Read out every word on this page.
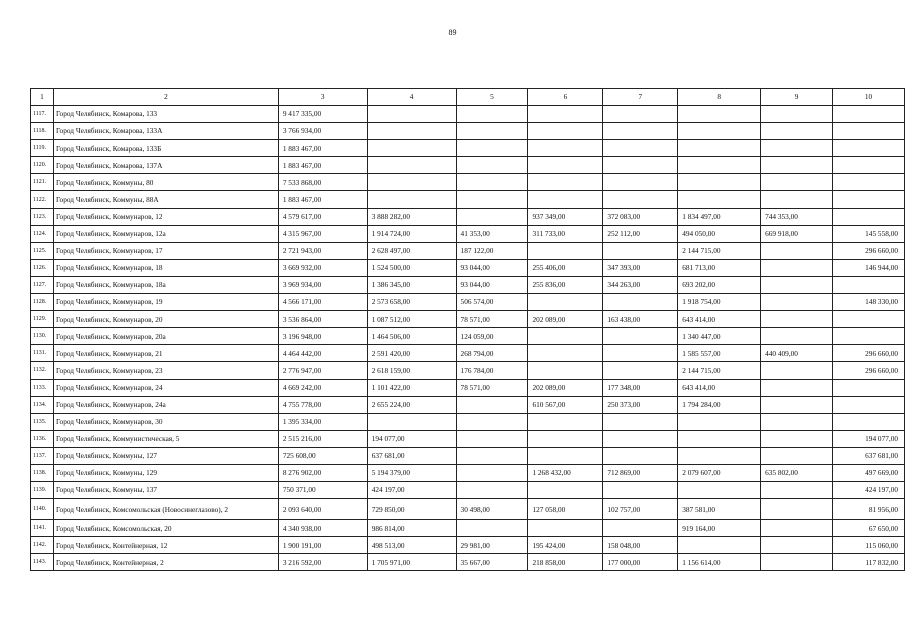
89
1	2	3	4	5	6	7	8	9	10
1117.	Город Челябинск, Комарова, 133	9 417 335,00							
1118.	Город Челябинск, Комарова, 133А	3 766 934,00							
1119.	Город Челябинск, Комарова, 133Б	1 883 467,00							
1120.	Город Челябинск, Комарова, 137А	1 883 467,00							
1121.	Город Челябинск, Коммуны, 80	7 533 868,00							
1122.	Город Челябинск, Коммуны, 88А	1 883 467,00							
1123.	Город Челябинск, Коммунаров, 12	4 579 617,00	3 888 282,00		937 349,00	372 083,00	1 834 497,00	744 353,00	
1124.	Город Челябинск, Коммунаров, 12а	4 315 967,00	1 914 724,00	41 353,00	311 733,00	252 112,00	494 050,00	669 918,00	145 558,00
1125.	Город Челябинск, Коммунаров, 17	2 721 943,00	2 628 497,00	187 122,00			2 144 715,00		296 660,00
1126.	Город Челябинск, Коммунаров, 18	3 669 932,00	1 524 500,00	93 044,00	255 406,00	347 393,00	681 713,00		146 944,00
1127.	Город Челябинск, Коммунаров, 18а	3 969 934,00	1 386 345,00	93 044,00	255 836,00	344 263,00	693 202,00		
1128.	Город Челябинск, Коммунаров, 19	4 566 171,00	2 573 658,00	506 574,00			1 918 754,00		148 330,00
1129.	Город Челябинск, Коммунаров, 20	3 536 864,00	1 087 512,00	78 571,00	202 089,00	163 438,00	643 414,00		
1130.	Город Челябинск, Коммунаров, 20а	3 196 948,00	1 464 506,00	124 059,00			1 340 447,00		
1131.	Город Челябинск, Коммунаров, 21	4 464 442,00	2 591 420,00	268 794,00			1 585 557,00	440 409,00	296 660,00
1132.	Город Челябинск, Коммунаров, 23	2 776 947,00	2 618 159,00	176 784,00			2 144 715,00		296 660,00
1133.	Город Челябинск, Коммунаров, 24	4 669 242,00	1 101 422,00	78 571,00	202 089,00	177 348,00	643 414,00		
1134.	Город Челябинск, Коммунаров, 24а	4 755 778,00	2 655 224,00		610 567,00	250 373,00	1 794 284,00		
1135.	Город Челябинск, Коммунаров, 30	1 395 334,00							
1136.	Город Челябинск, Коммунистическая, 5	2 515 216,00	194 077,00						194 077,00
1137.	Город Челябинск, Коммуны, 127	725 608,00	637 681,00						637 681,00
1138.	Город Челябинск, Коммуны, 129	8 276 902,00	5 194 379,00		1 268 432,00	712 869,00	2 079 607,00	635 802,00	497 669,00
1139.	Город Челябинск, Коммуны, 137	750 371,00	424 197,00						424 197,00
1140.	Город Челябинск, Комсомольская (Новосинеглазово), 2	2 093 640,00	729 850,00	30 498,00	127 058,00	102 757,00	387 581,00		81 956,00
1141.	Город Челябинск, Комсомольская, 20	4 340 938,00	986 814,00				919 164,00		67 650,00
1142.	Город Челябинск, Контейнерная, 12	1 900 191,00	498 513,00	29 981,00	195 424,00	158 048,00			115 060,00
1143.	Город Челябинск, Контейнерная, 2	3 216 592,00	1 705 971,00	35 667,00	218 858,00	177 000,00	1 156 614,00		117 832,00
